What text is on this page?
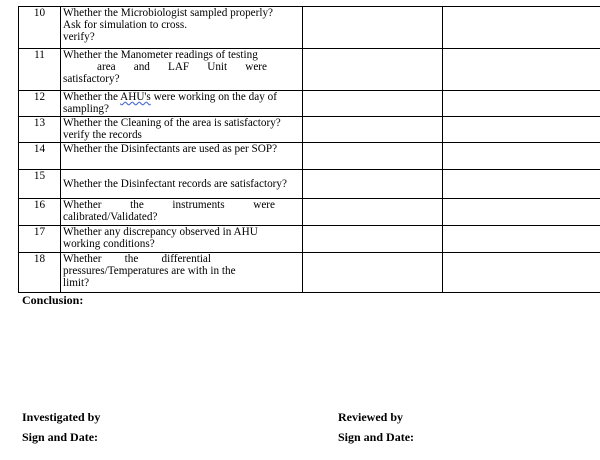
10	Whether the Microbiologist sampled properly?
Ask for simulation to cross.
verify?		

11	Whether the Manometer readings of testing
area and LAF Unit were
satisfactory?		

12	Whether the AHU's were working on the day of
sampling?		

13	Whether the Cleaning of the area is satisfactory?
verify the records		

14	Whether the Disinfectants are used as per SOP?		

15	Whether the Disinfectant records are satisfactory?		

16	Whether the instruments were
calibrated/Validated?		

17	Whether any discrepancy observed in AHU
working conditions?		

18	Whether the differential
pressures/Temperatures are with in the
limit?		

Conclusion:
Investigated by	Reviewed by
Sign and Date:	Sign and Date:
